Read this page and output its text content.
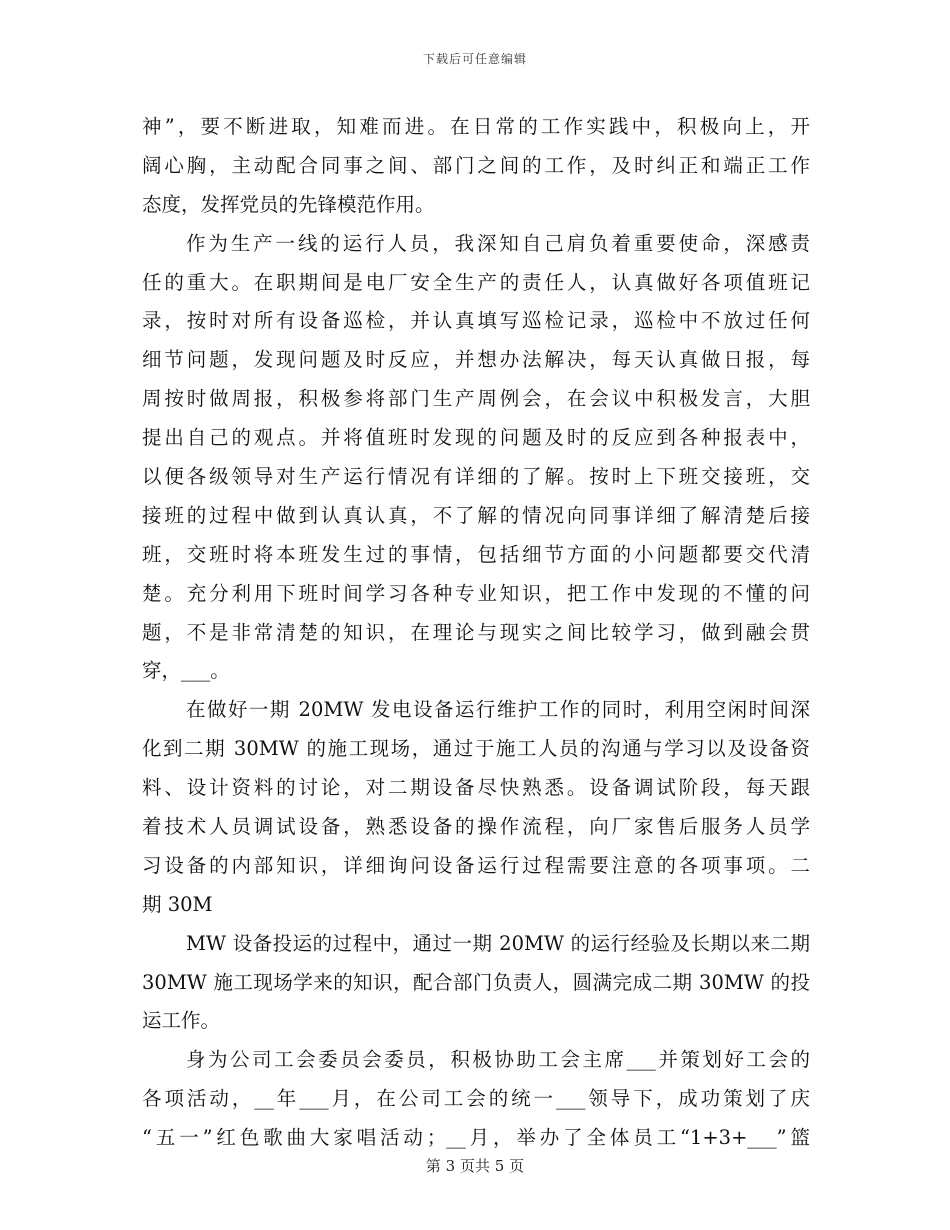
下载后可任意编辑
神”，要不断进取，知难而进。在日常的工作实践中，积极向上，开
阔心胸，主动配合同事之间、部门之间的工作，及时纠正和端正工作
态度，发挥党员的先锋模范作用。
作为生产一线的运行人员，我深知自己肩负着重要使命，深感责
任的重大。在职期间是电厂安全生产的责任人，认真做好各项值班记
录，按时对所有设备巡检，并认真填写巡检记录，巡检中不放过任何
细节问题，发现问题及时反应，并想办法解决，每天认真做日报，每
周按时做周报，积极参将部门生产周例会，在会议中积极发言，大胆
提出自己的观点。并将值班时发现的问题及时的反应到各种报表中，
以便各级领导对生产运行情况有详细的了解。按时上下班交接班，交
接班的过程中做到认真认真，不了解的情况向同事详细了解清楚后接
班，交班时将本班发生过的事情，包括细节方面的小问题都要交代清
楚。充分利用下班时间学习各种专业知识，把工作中发现的不懂的问
题，不是非常清楚的知识，在理论与现实之间比较学习，做到融会贯
穿，___。
在做好一期 20MW 发电设备运行维护工作的同时，利用空闲时间深
化到二期 30MW 的施工现场，通过于施工人员的沟通与学习以及设备资
料、设计资料的讨论，对二期设备尽快熟悉。设备调试阶段，每天跟
着技术人员调试设备，熟悉设备的操作流程，向厂家售后服务人员学
习设备的内部知识，详细询问设备运行过程需要注意的各项事项。二
期 30M
MW 设备投运的过程中，通过一期 20MW 的运行经验及长期以来二期
30MW 施工现场学来的知识，配合部门负责人，圆满完成二期 30MW 的投
运工作。
身为公司工会委员会委员，积极协助工会主席___并策划好工会的
各项活动，__年___月，在公司工会的统一___领导下，成功策划了庆
“五一”红色歌曲大家唱活动；__月，举办了全体员工“1+3+___”篮
第 3 页共 5 页
